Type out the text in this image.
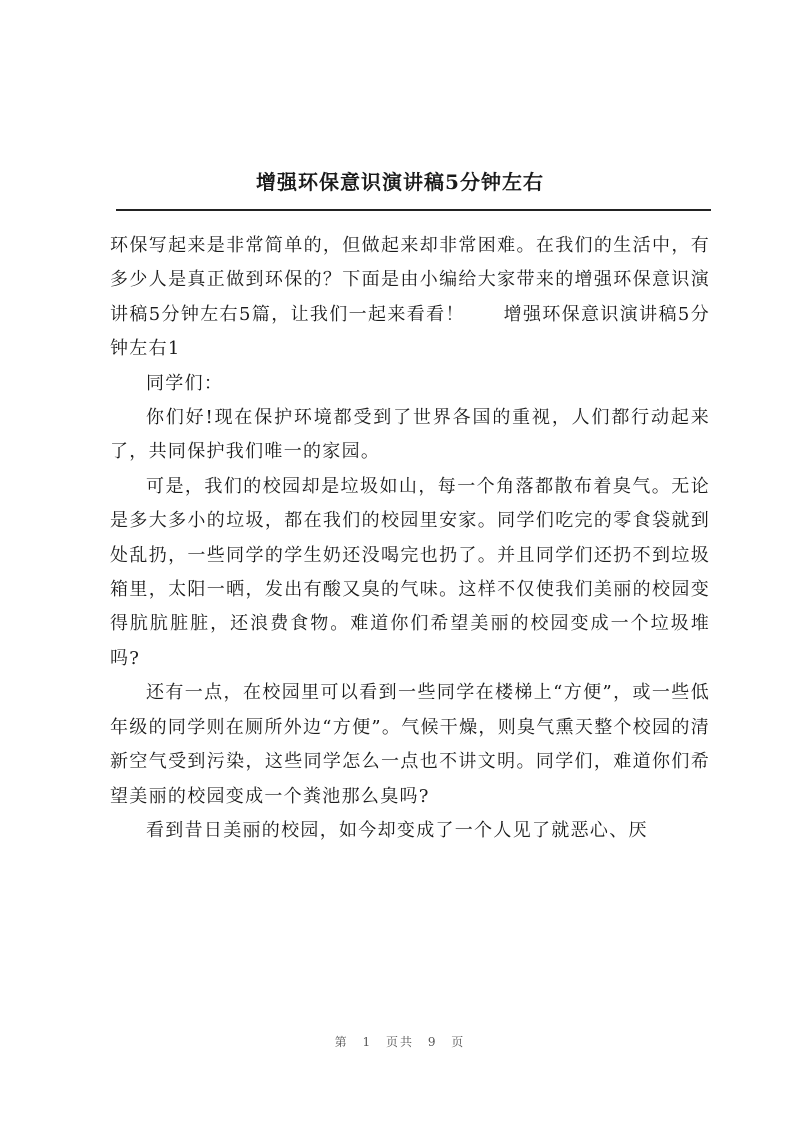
增强环保意识演讲稿5分钟左右

环保写起来是非常简单的，但做起来却非常困难。在我们的生活中，有多少人是真正做到环保的？下面是由小编给大家带来的增强环保意识演讲稿5分钟左右5篇，让我们一起来看看！　　增强环保意识演讲稿5分钟左右1

同学们：

你们好!现在保护环境都受到了世界各国的重视，人们都行动起来了，共同保护我们唯一的家园。

可是，我们的校园却是垃圾如山，每一个角落都散布着臭气。无论是多大多小的垃圾，都在我们的校园里安家。同学们吃完的零食袋就到处乱扔，一些同学的学生奶还没喝完也扔了。并且同学们还扔不到垃圾箱里，太阳一晒，发出有酸又臭的气味。这样不仅使我们美丽的校园变得肮肮脏脏，还浪费食物。难道你们希望美丽的校园变成一个垃圾堆吗?

还有一点，在校园里可以看到一些同学在楼梯上“方便”，或一些低年级的同学则在厕所外边“方便”。气候干燥，则臭气熏天整个校园的清新空气受到污染，这些同学怎么一点也不讲文明。同学们，难道你们希望美丽的校园变成一个粪池那么臭吗?

看到昔日美丽的校园，如今却变成了一个人见了就恶心、厌

第 1 页共 9 页
